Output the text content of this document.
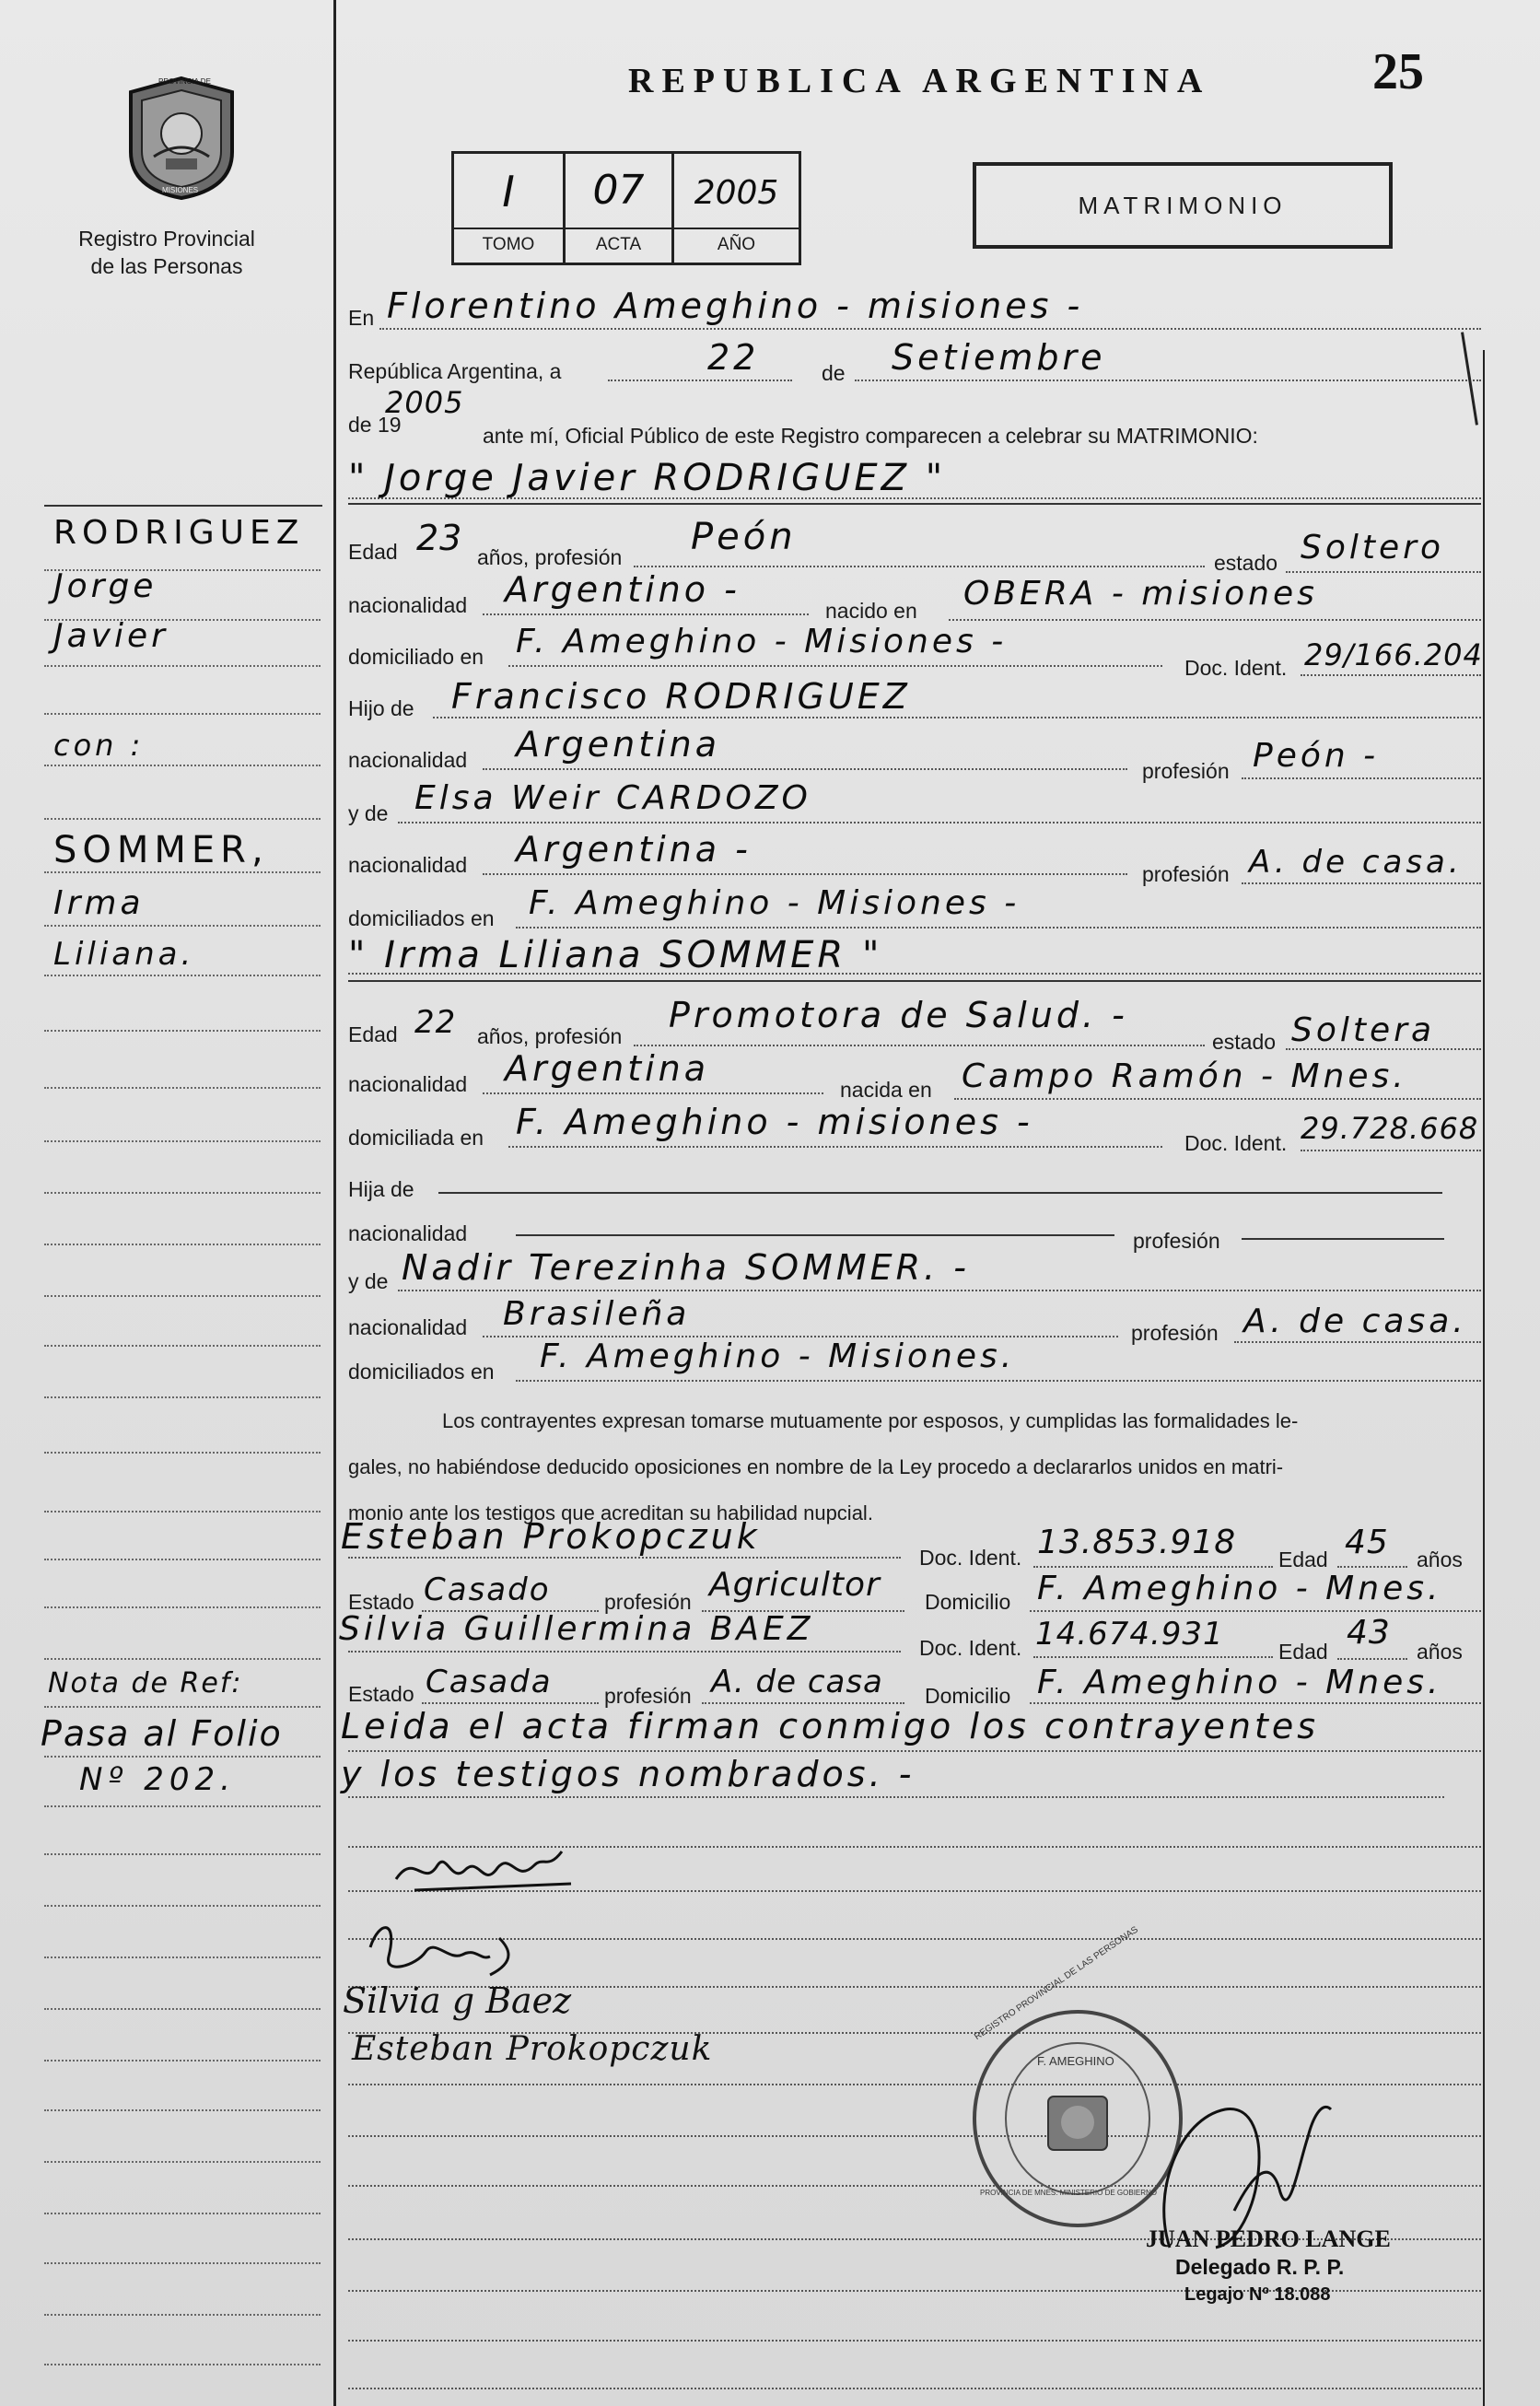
PROVINCIA DE
MISIONES
Registro Provincial
de las Personas
REPUBLICA ARGENTINA	25
I	07	2005
TOMO	ACTA	AÑO
MATRIMONIO
RODRIGUEZ
Jorge
Javier
con :
SOMMER,
Irma
Liliana.
Nota de Ref:
Pasa al Folio
Nº 202.
En Florentino Ameghino - misiones -
República Argentina, a	22	de Setiembre
de 19
2005
ante mí, Oficial Público de este Registro comparecen a celebrar su MATRIMONIO:
" Jorge Javier RODRIGUEZ "
Edad 23 años, profesión Peón
estado Soltero
nacionalidad Argentino -
nacido en OBERA - misiones
domiciliado en F. Ameghino - Misiones -
Doc. Ident. 29/166.204
Hijo de Francisco RODRIGUEZ
nacionalidad Argentina
profesión Peón -
y de Elsa Weir CARDOZO
nacionalidad Argentina -
profesión A. de casa.
domiciliados en F. Ameghino - Misiones -
" Irma Liliana SOMMER "
Edad 22 años, profesión
Promotora de Salud. -
estado Soltera
nacionalidad Argentina
nacida en Campo Ramón - Mnes.
domiciliada en F. Ameghino - misiones -
Doc. Ident. 29.728.668
Hija de
nacionalidad	profesión
y de Nadir Terezinha SOMMER. -
nacionalidad Brasileña	profesión A. de casa.
domiciliados en F. Ameghino - Misiones.
Los contrayentes expresan tomarse mutuamente por esposos, y cumplidas las formalidades le-
gales, no habiéndose deducido oposiciones en nombre de la Ley procedo a declararlos unidos en matri-
monio ante los testigos que acreditan su habilidad nupcial.
Esteban Prokopczuk
Doc. Ident. 13.853.918 Edad 45 años
Estado Casado	profesión Agricultor Domicilio F. Ameghino - Mnes.
Silvia Guillermina BAEZ	Doc. Ident. 14.674.931	Edad 43 años
Estado Casada profesión A. de casa Domicilio F. Ameghino - Mnes.
Leida el acta firman conmigo los contrayentes
y los testigos nombrados. -
Silvia g Baez
Esteban Prokopczuk
REGISTRO PROVINCIAL DE LAS PERSONAS
F. AMEGHINO
PROVINCIA DE MNES. MINISTERIO DE GOBIERNO
JUAN PEDRO LANGE
Delegado R. P. P.
Legajo Nº 18.088
